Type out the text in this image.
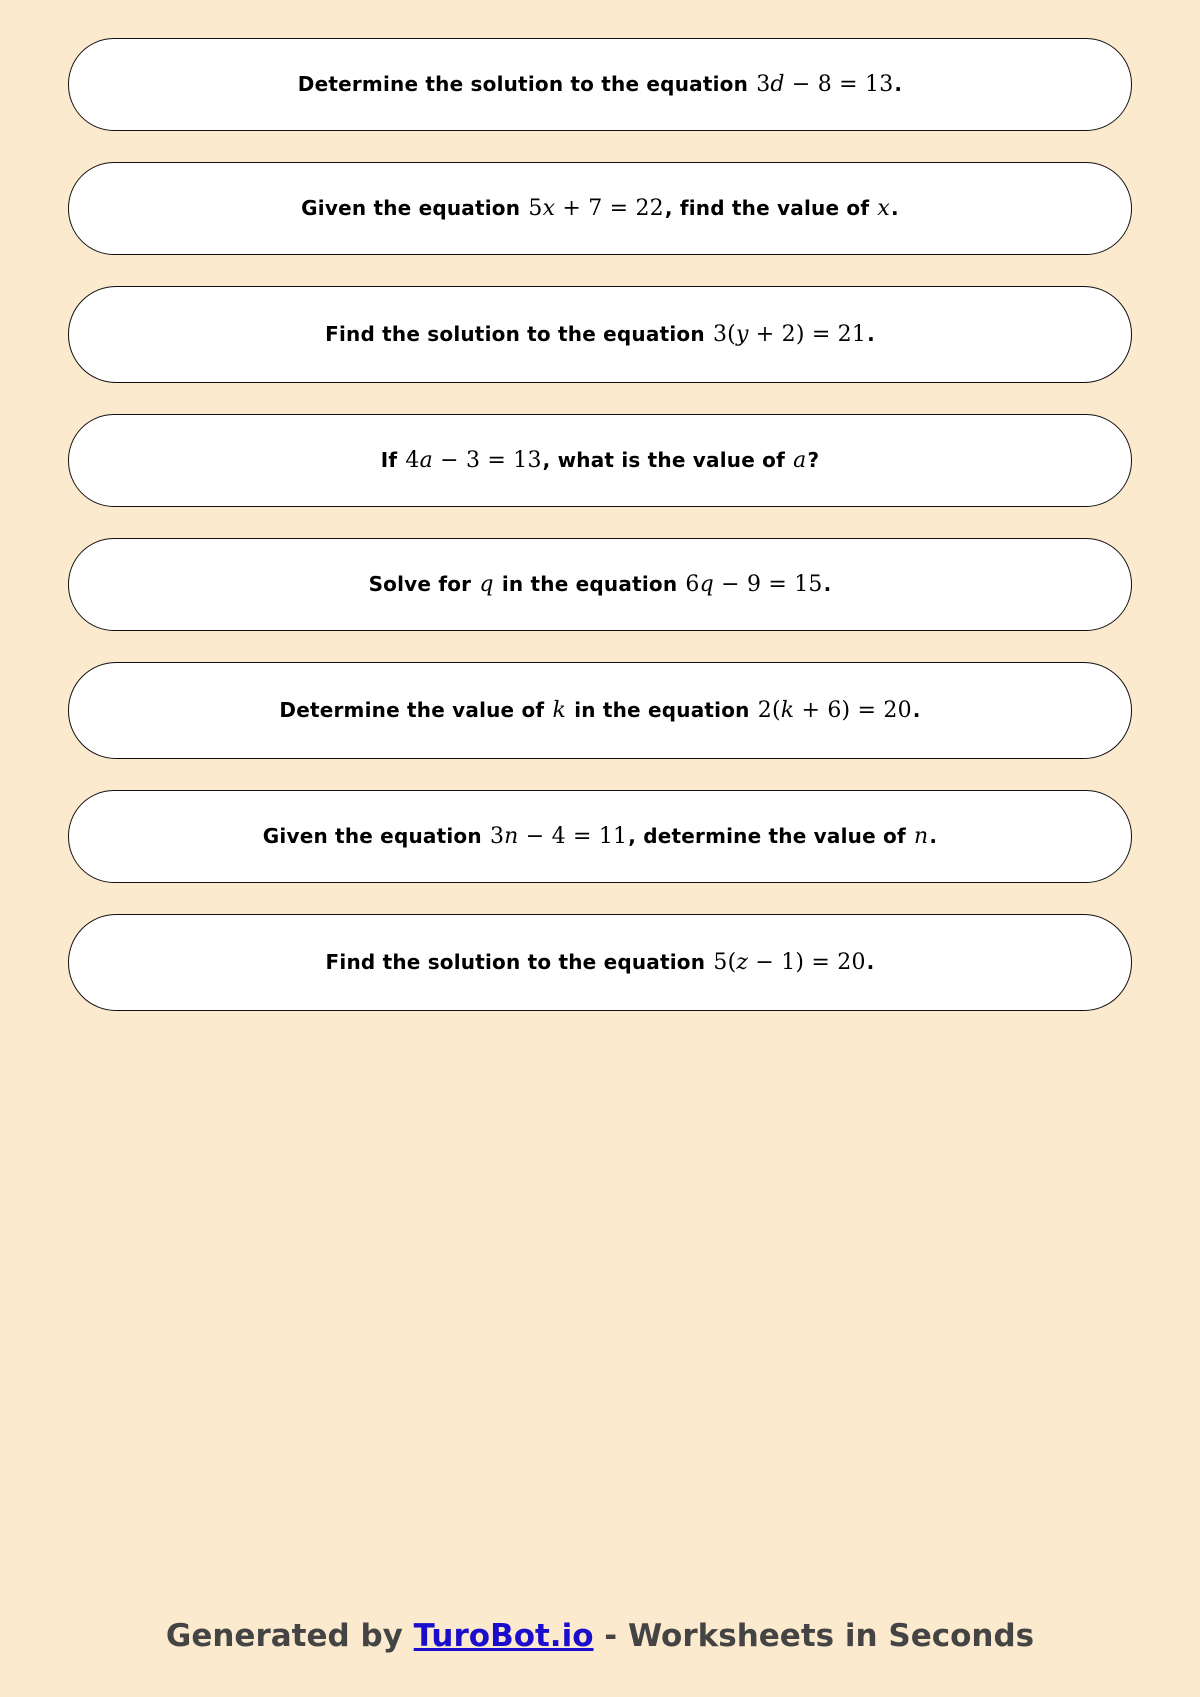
Determine the solution to the equation 3d − 8 = 13.
Given the equation 5x + 7 = 22, find the value of x.
Find the solution to the equation 3(y + 2) = 21.
If 4a − 3 = 13, what is the value of a?
Solve for q in the equation 6q − 9 = 15.
Determine the value of k in the equation 2(k + 6) = 20.
Given the equation 3n − 4 = 11, determine the value of n.
Find the solution to the equation 5(z − 1) = 20.
Generated by TuroBot.io - Worksheets in Seconds
